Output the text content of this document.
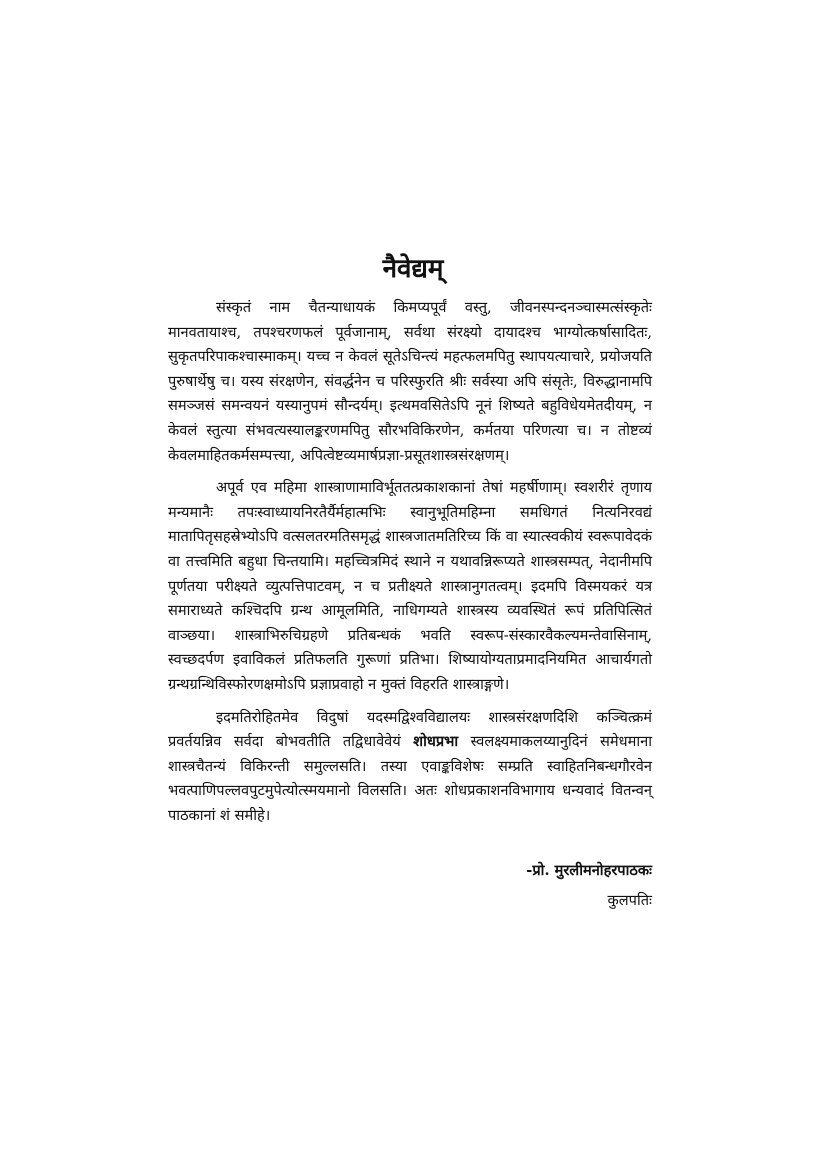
नैवेद्यम्

संस्कृतं नाम चैतन्याधायकं किमप्यपूर्वं वस्तु, जीवनस्पन्दनञ्चास्मत्संस्कृतेः मानवतायाश्च, तपश्चरणफलं पूर्वजानाम्, सर्वथा संरक्ष्यो दायादश्च भाग्योत्कर्षासादितः, सुकृतपरिपाकश्चास्माकम्। यच्च न केवलं सूतेऽचिन्त्यं महत्फलमपितु स्थापयत्याचारे, प्रयोजयति पुरुषार्थेषु च। यस्य संरक्षणेन, संवर्द्धनेन च परिस्फुरति श्रीः सर्वस्या अपि संसृतेः, विरुद्धानामपि समञ्जसं समन्वयनं यस्यानुपमं सौन्दर्यम्। इत्थमवसितेऽपि नूनं शिष्यते बहुविधेयमेतदीयम्, न केवलं स्तुत्या संभवत्यस्यालङ्करणमपितु सौरभविकिरणेन, कर्मतया परिणत्या च। न तोष्टव्यं केवलमाहितकर्मसम्पत्त्या, अपित्वेष्टव्यमार्षप्रज्ञा-प्रसूतशास्त्रसंरक्षणम्।

अपूर्व एव महिमा शास्त्राणामाविर्भूततत्प्रकाशकानां तेषां महर्षीणाम्। स्वशरीरं तृणाय मन्यमानैः तपःस्वाध्यायनिरतैर्यैर्महात्मभिः स्वानुभूतिमहिम्ना समधिगतं नित्यनिरवद्यं मातापितृसहस्रेभ्योऽपि वत्सलतरमतिसमृद्धं शास्त्रजातमतिरिच्य किं वा स्यात्स्वकीयं स्वरूपावेदकं वा तत्त्वमिति बहुधा चिन्तयामि। महच्चित्रमिदं स्थाने न यथावन्निरूप्यते शास्त्रसम्पत्, नेदानीमपि पूर्णतया परीक्ष्यते व्युत्पत्तिपाटवम्, न च प्रतीक्ष्यते शास्त्रानुगतत्वम्। इदमपि विस्मयकरं यत्र समाराध्यते कश्चिदपि ग्रन्थ आमूलमिति, नाधिगम्यते शास्त्रस्य व्यवस्थितं रूपं प्रतिपित्सितं वाञ्छया। शास्त्राभिरुचिग्रहणे प्रतिबन्धकं भवति स्वरूप-संस्कारवैकल्यमन्तेवासिनाम्, स्वच्छदर्पण इवाविकलं प्रतिफलति गुरूणां प्रतिभा। शिष्यायोग्यताप्रमादनियमित आचार्यगतो ग्रन्थग्रन्थिविस्फोरणक्षमोऽपि प्रज्ञाप्रवाहो न मुक्तं विहरति शास्त्राङ्गणे।

इदमतिरोहितमेव विदुषां यदस्मद्विश्वविद्यालयः शास्त्रसंरक्षणदिशि कञ्चित्क्रमं प्रवर्तयन्निव सर्वदा बोभवतीति तद्विधावेवेयं शोधप्रभा स्वलक्ष्यमाकलय्यानुदिनं समेधमाना शास्त्रचैतन्यं विकिरन्ती समुल्लसति। तस्या एवाङ्कविशेषः सम्प्रति स्वाहितनिबन्धगौरवेन भवत्पाणिपल्लवपुटमुपेत्योत्स्मयमानो विलसति। अतः शोधप्रकाशनविभागाय धन्यवादं वितन्वन् पाठकानां शं समीहे।

-प्रो. मुरलीमनोहरपाठकः
कुलपतिः
